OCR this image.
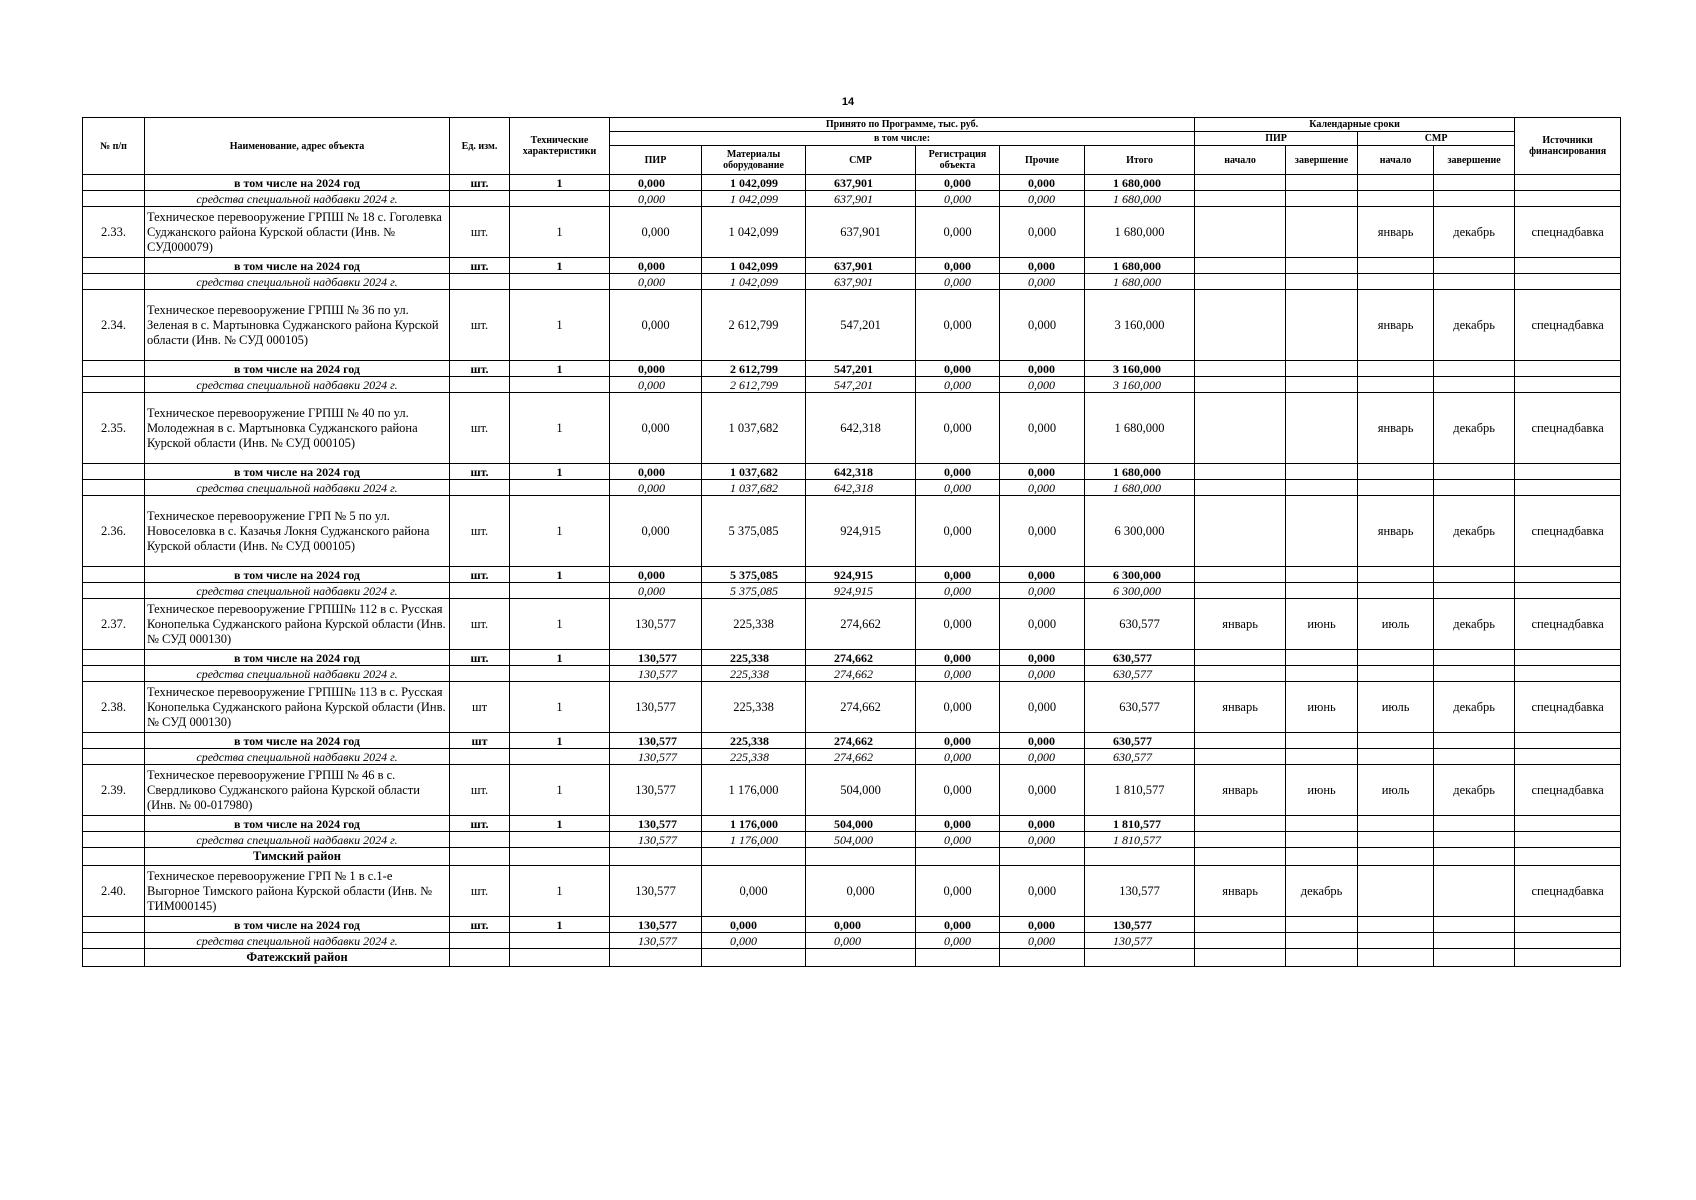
14
№ п/п	Наименование, адрес объекта	Ед. изм.	Технические характеристики	Принято по Программе, тыс. руб.						Календарные сроки				Источники финансирования
				в том числе:						ПИР		СМР		
				ПИР	Материалы оборудование	СМР	Регистрация объекта	Прочие	Итого	начало	завершение	начало	завершение	
	в том числе на 2024 год	шт.	1	0,000	1 042,099	637,901	0,000	0,000	1 680,000					
	средства специальной надбавки 2024 г.			0,000	1 042,099	637,901	0,000	0,000	1 680,000					
2.33.	Техническое перевооружение ГРПШ № 18 с. Гоголевка Суджанского района Курской области (Инв. № СУД000079)	шт.	1	0,000	1 042,099	637,901	0,000	0,000	1 680,000			январь	декабрь	спецнадбавка
	в том числе на 2024 год	шт.	1	0,000	1 042,099	637,901	0,000	0,000	1 680,000					
	средства специальной надбавки 2024 г.			0,000	1 042,099	637,901	0,000	0,000	1 680,000					
2.34.	Техническое перевооружение ГРПШ № 36 по ул. Зеленая в с. Мартыновка Суджанского района Курской области (Инв. № СУД 000105)	шт.	1	0,000	2 612,799	547,201	0,000	0,000	3 160,000			январь	декабрь	спецнадбавка
	в том числе на 2024 год	шт.	1	0,000	2 612,799	547,201	0,000	0,000	3 160,000					
	средства специальной надбавки 2024 г.			0,000	2 612,799	547,201	0,000	0,000	3 160,000					
2.35.	Техническое перевооружение ГРПШ № 40 по ул. Молодежная в с. Мартыновка Суджанского района Курской области (Инв. № СУД 000105)	шт.	1	0,000	1 037,682	642,318	0,000	0,000	1 680,000			январь	декабрь	спецнадбавка
	в том числе на 2024 год	шт.	1	0,000	1 037,682	642,318	0,000	0,000	1 680,000					
	средства специальной надбавки 2024 г.			0,000	1 037,682	642,318	0,000	0,000	1 680,000					
2.36.	Техническое перевооружение ГРП № 5 по ул. Новоселовка в с. Казачья Локня Суджанского района Курской области (Инв. № СУД 000105)	шт.	1	0,000	5 375,085	924,915	0,000	0,000	6 300,000			январь	декабрь	спецнадбавка
	в том числе на 2024 год	шт.	1	0,000	5 375,085	924,915	0,000	0,000	6 300,000					
	средства специальной надбавки 2024 г.			0,000	5 375,085	924,915	0,000	0,000	6 300,000					
2.37.	Техническое перевооружение ГРПШ№ 112 в с. Русская Конопелька Суджанского района Курской области (Инв. № СУД 000130)	шт.	1	130,577	225,338	274,662	0,000	0,000	630,577	январь	июнь	июль	декабрь	спецнадбавка
	в том числе на 2024 год	шт.	1	130,577	225,338	274,662	0,000	0,000	630,577					
	средства специальной надбавки 2024 г.			130,577	225,338	274,662	0,000	0,000	630,577					
2.38.	Техническое перевооружение ГРПШ№ 113 в с. Русская Конопелька Суджанского района Курской области (Инв. № СУД 000130)	шт	1	130,577	225,338	274,662	0,000	0,000	630,577	январь	июнь	июль	декабрь	спецнадбавка
	в том числе на 2024 год	шт	1	130,577	225,338	274,662	0,000	0,000	630,577					
	средства специальной надбавки 2024 г.			130,577	225,338	274,662	0,000	0,000	630,577					
2.39.	Техническое перевооружение ГРПШ № 46 в с. Свердликово Суджанского района Курской области (Инв. № 00-017980)	шт.	1	130,577	1 176,000	504,000	0,000	0,000	1 810,577	январь	июнь	июль	декабрь	спецнадбавка
	в том числе на 2024 год	шт.	1	130,577	1 176,000	504,000	0,000	0,000	1 810,577					
	средства специальной надбавки 2024 г.			130,577	1 176,000	504,000	0,000	0,000	1 810,577					
	Тимский район													
2.40.	Техническое перевооружение ГРП № 1 в с.1-е Выгорное Тимского района Курской области (Инв. № ТИМ000145)	шт.	1	130,577	0,000	0,000	0,000	0,000	130,577	январь	декабрь			спецнадбавка
	в том числе на 2024 год	шт.	1	130,577	0,000	0,000	0,000	0,000	130,577					
	средства специальной надбавки 2024 г.			130,577	0,000	0,000	0,000	0,000	130,577					
	Фатежский район													
